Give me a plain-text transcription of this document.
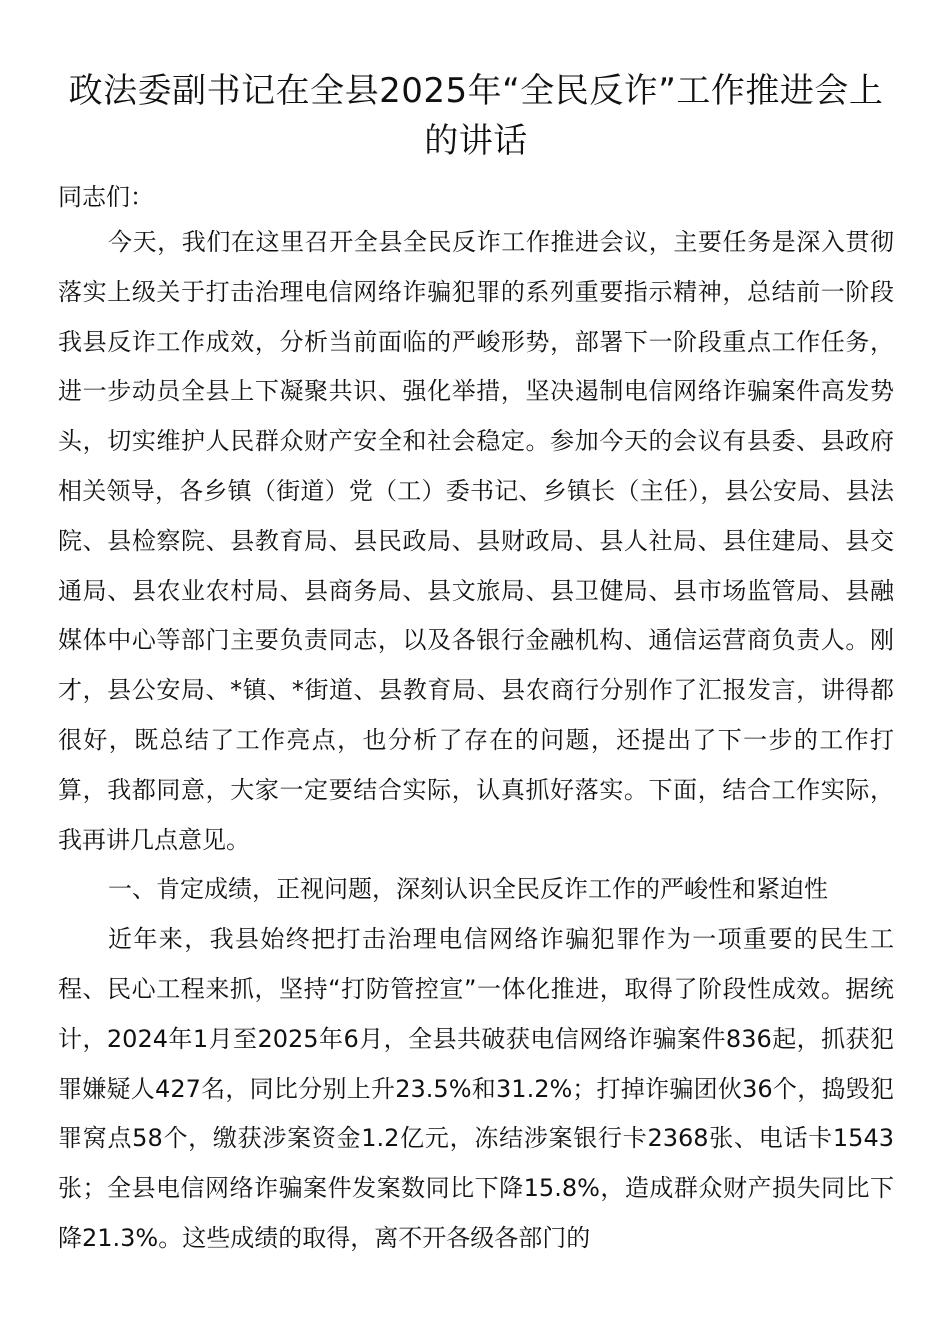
政法委副书记在全县2025年“全民反诈”工作推进会上的讲话

同志们：

今天，我们在这里召开全县全民反诈工作推进会议，主要任务是深入贯彻落实上级关于打击治理电信网络诈骗犯罪的系列重要指示精神，总结前一阶段我县反诈工作成效，分析当前面临的严峻形势，部署下一阶段重点工作任务，进一步动员全县上下凝聚共识、强化举措，坚决遏制电信网络诈骗案件高发势头，切实维护人民群众财产安全和社会稳定。参加今天的会议有县委、县政府相关领导，各乡镇（街道）党（工）委书记、乡镇长（主任），县公安局、县法院、县检察院、县教育局、县民政局、县财政局、县人社局、县住建局、县交通局、县农业农村局、县商务局、县文旅局、县卫健局、县市场监管局、县融媒体中心等部门主要负责同志，以及各银行金融机构、通信运营商负责人。刚才，县公安局、*镇、*街道、县教育局、县农商行分别作了汇报发言，讲得都很好，既总结了工作亮点，也分析了存在的问题，还提出了下一步的工作打算，我都同意，大家一定要结合实际，认真抓好落实。下面，结合工作实际，我再讲几点意见。

一、肯定成绩，正视问题，深刻认识全民反诈工作的严峻性和紧迫性

近年来，我县始终把打击治理电信网络诈骗犯罪作为一项重要的民生工程、民心工程来抓，坚持“打防管控宣”一体化推进，取得了阶段性成效。据统计，2024年1月至2025年6月，全县共破获电信网络诈骗案件836起，抓获犯罪嫌疑人427名，同比分别上升23.5%和31.2%；打掉诈骗团伙36个，捣毁犯罪窝点58个，缴获涉案资金1.2亿元，冻结涉案银行卡2368张、电话卡1543张；全县电信网络诈骗案件发案数同比下降15.8%，造成群众财产损失同比下降21.3%。这些成绩的取得，离不开各级各部门的
